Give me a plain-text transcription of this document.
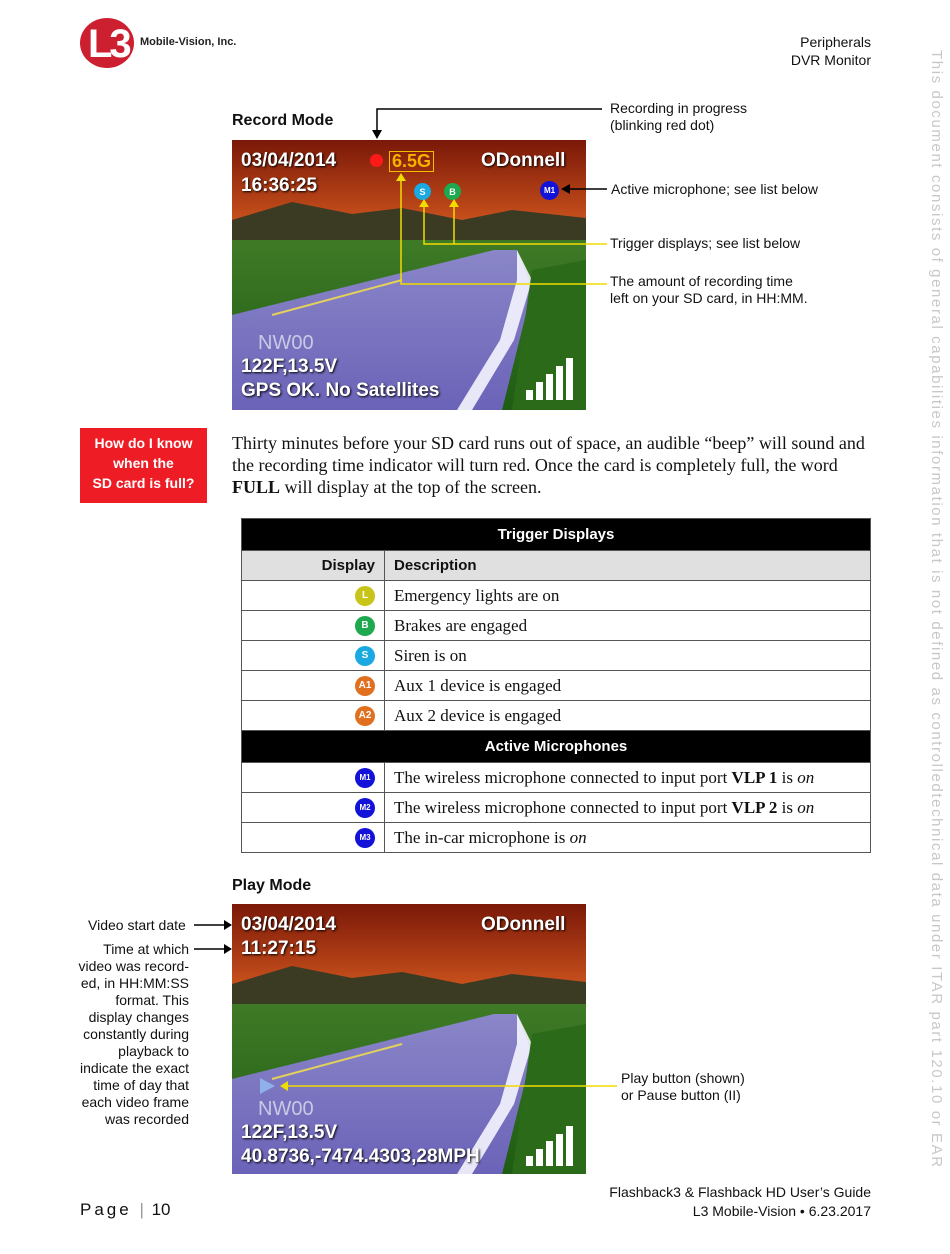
L3 Mobile-Vision, Inc.	Peripherals
DVR Monitor	This document consists of general capabilities information that is not defined as controlledtechnical data under ITAR part 120.10 or EAR
Record Mode
03/04/2014
16:36:25
6.5G	ODonnell
S	B	M1
NW00
122F,13.5V
GPS OK. No Satellites
Recording in progress
(blinking red dot)
Active microphone; see list below
Trigger displays; see list below
The amount of recording time
left on your SD card, in HH:MM.
How do I know
when the
SD card is full?
Thirty minutes before your SD card runs out of space, an audible “beep” will sound and the recording time indicator will turn red. Once the card is completely full, the word FULL will display at the top of the screen.
Trigger Displays	
Display	Description
L	Emergency lights are on
B	Brakes are engaged
S	Siren is on
A1	Aux 1 device is engaged
A2	Aux 2 device is engaged
Active Microphones	
M1	The wireless microphone connected to input port VLP 1 is on
M2	The wireless microphone connected to input port VLP 2 is on
M3	The in-car microphone is on
Play Mode
03/04/2014
11:27:15
ODonnell
NW00
122F,13.5V
40.8736,-7474.4303,28MPH
Video start date
Time at which
video was record-
ed, in HH:MM:SS
format. This
display changes
constantly during
playback to
indicate the exact
time of day that
each video frame
was recorded
Play button (shown)
or Pause button (II)
Page | 10
Flashback3 & Flashback HD User’s Guide
L3 Mobile-Vision • 6.23.2017
